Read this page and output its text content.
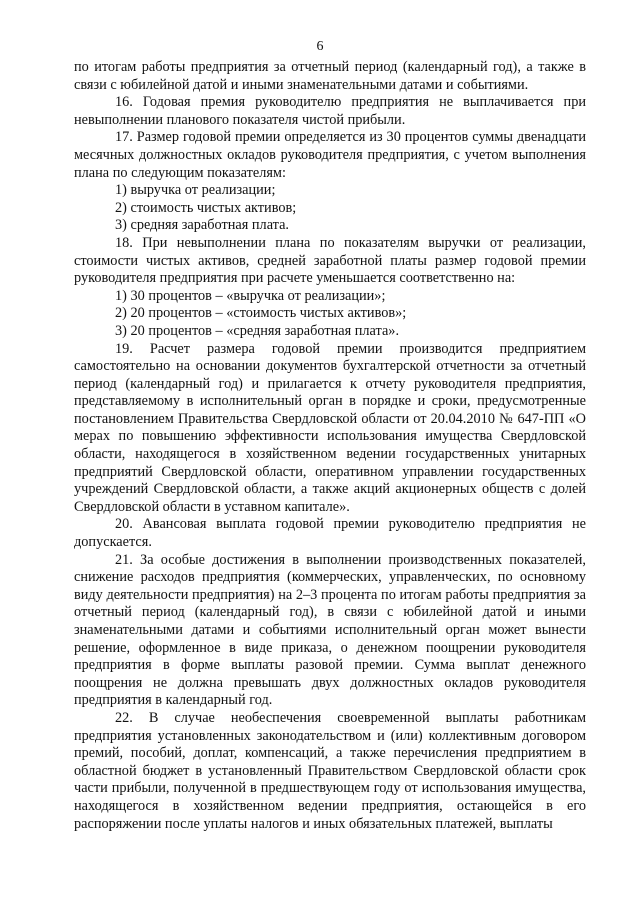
6

по итогам работы предприятия за отчетный период (календарный год), а также в связи с юбилейной датой и иными знаменательными датами и событиями.

16. Годовая премия руководителю предприятия не выплачивается при невыполнении планового показателя чистой прибыли.

17. Размер годовой премии определяется из 30 процентов суммы двенадцати месячных должностных окладов руководителя предприятия, с учетом выполнения плана по следующим показателям:

1) выручка от реализации;

2) стоимость чистых активов;

3) средняя заработная плата.

18. При невыполнении плана по показателям выручки от реализации, стоимости чистых активов, средней заработной платы размер годовой премии руководителя предприятия при расчете уменьшается соответственно на:

1) 30 процентов – «выручка от реализации»;

2) 20 процентов – «стоимость чистых активов»;

3) 20 процентов – «средняя заработная плата».

19. Расчет размера годовой премии производится предприятием самостоятельно на основании документов бухгалтерской отчетности за отчетный период (календарный год) и прилагается к отчету руководителя предприятия, представляемому в исполнительный орган в порядке и сроки, предусмотренные постановлением Правительства Свердловской области от 20.04.2010 № 647-ПП «О мерах по повышению эффективности использования имущества Свердловской области, находящегося в хозяйственном ведении государственных унитарных предприятий Свердловской области, оперативном управлении государственных учреждений Свердловской области, а также акций акционерных обществ с долей Свердловской области в уставном капитале».

20. Авансовая выплата годовой премии руководителю предприятия не допускается.

21. За особые достижения в выполнении производственных показателей, снижение расходов предприятия (коммерческих, управленческих, по основному виду деятельности предприятия) на 2–3 процента по итогам работы предприятия за отчетный период (календарный год), в связи с юбилейной датой и иными знаменательными датами и событиями исполнительный орган может вынести решение, оформленное в виде приказа, о денежном поощрении руководителя предприятия в форме выплаты разовой премии. Сумма выплат денежного поощрения не должна превышать двух должностных окладов руководителя предприятия в календарный год.

22. В случае необеспечения своевременной выплаты работникам предприятия установленных законодательством и (или) коллективным договором премий, пособий, доплат, компенсаций, а также перечисления предприятием в областной бюджет в установленный Правительством Свердловской области срок части прибыли, полученной в предшествующем году от использования имущества, находящегося в хозяйственном ведении предприятия, остающейся в его распоряжении после уплаты налогов и иных обязательных платежей, выплаты
